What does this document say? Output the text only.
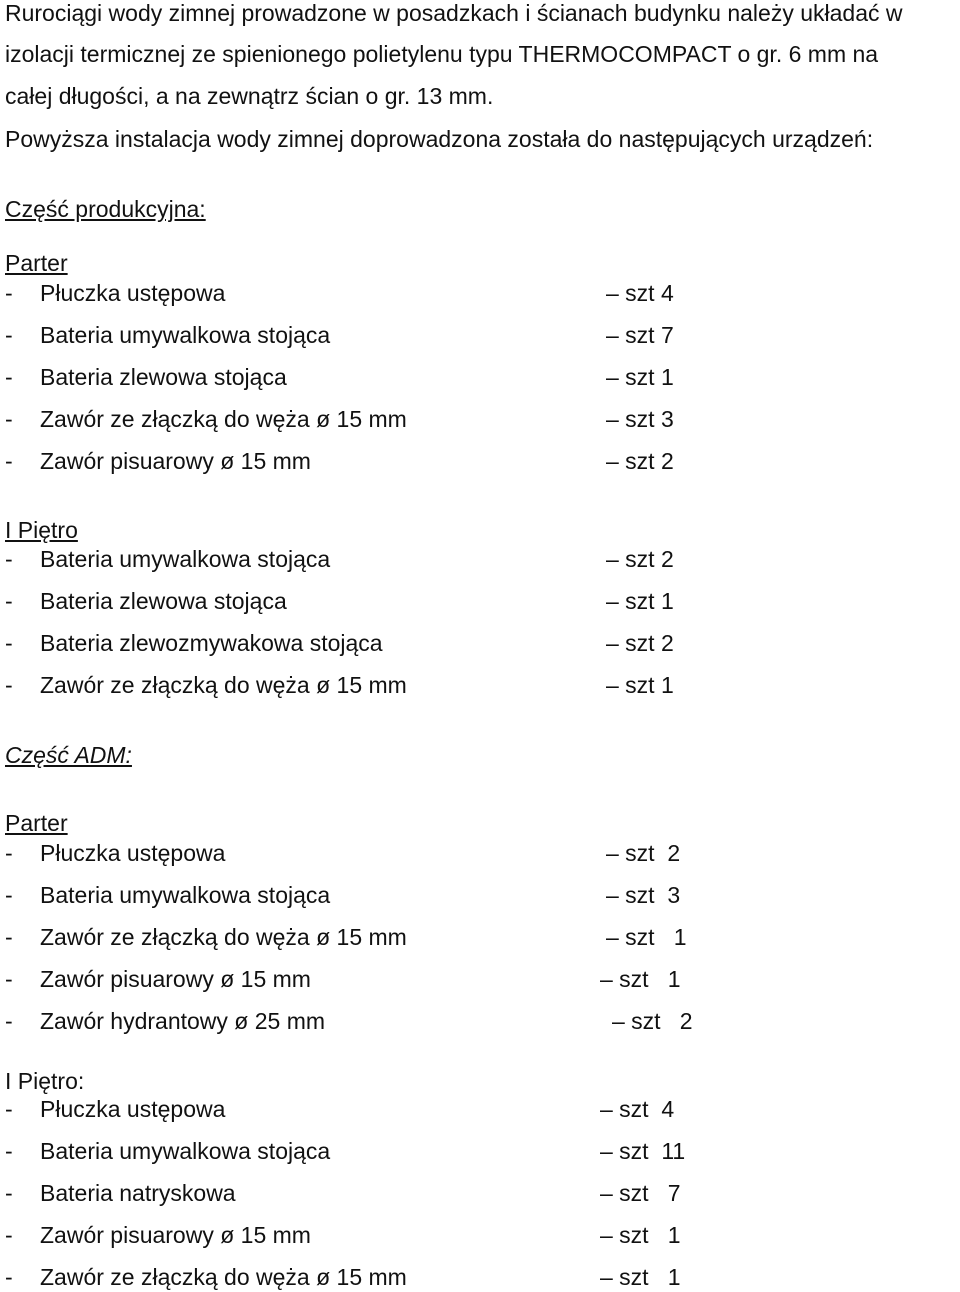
Rurociągi wody zimnej prowadzone w posadzkach i ścianach budynku należy układać w
izolacji termicznej ze spienionego polietylenu typu THERMOCOMPACT o gr. 6 mm na
całej długości, a na zewnątrz ścian o gr. 13 mm.
Powyższa instalacja wody zimnej doprowadzona została do następujących urządzeń:
Część produkcyjna:
Parter
- Płuczka ustępowa	– szt 4
- Bateria umywalkowa stojąca	– szt 7
- Bateria zlewowa stojąca	– szt 1
- Zawór ze złączką do węża ø 15 mm	– szt 3
- Zawór pisuarowy ø 15 mm	– szt 2
I Piętro
- Bateria umywalkowa stojąca	– szt 2
- Bateria zlewowa stojąca	– szt 1
- Bateria zlewozmywakowa stojąca	– szt 2
- Zawór ze złączką do węża ø 15 mm	– szt 1
Część ADM:
Parter
- Płuczka ustępowa	– szt  2
- Bateria umywalkowa stojąca	– szt  3
- Zawór ze złączką do węża ø 15 mm	– szt   1
- Zawór pisuarowy ø 15 mm	– szt   1
- Zawór hydrantowy ø 25 mm	– szt   2
I Piętro:
- Płuczka ustępowa	– szt  4
- Bateria umywalkowa stojąca	– szt  11
- Bateria natryskowa	– szt   7
- Zawór pisuarowy ø 15 mm	– szt   1
- Zawór ze złączką do węża ø 15 mm	– szt   1
